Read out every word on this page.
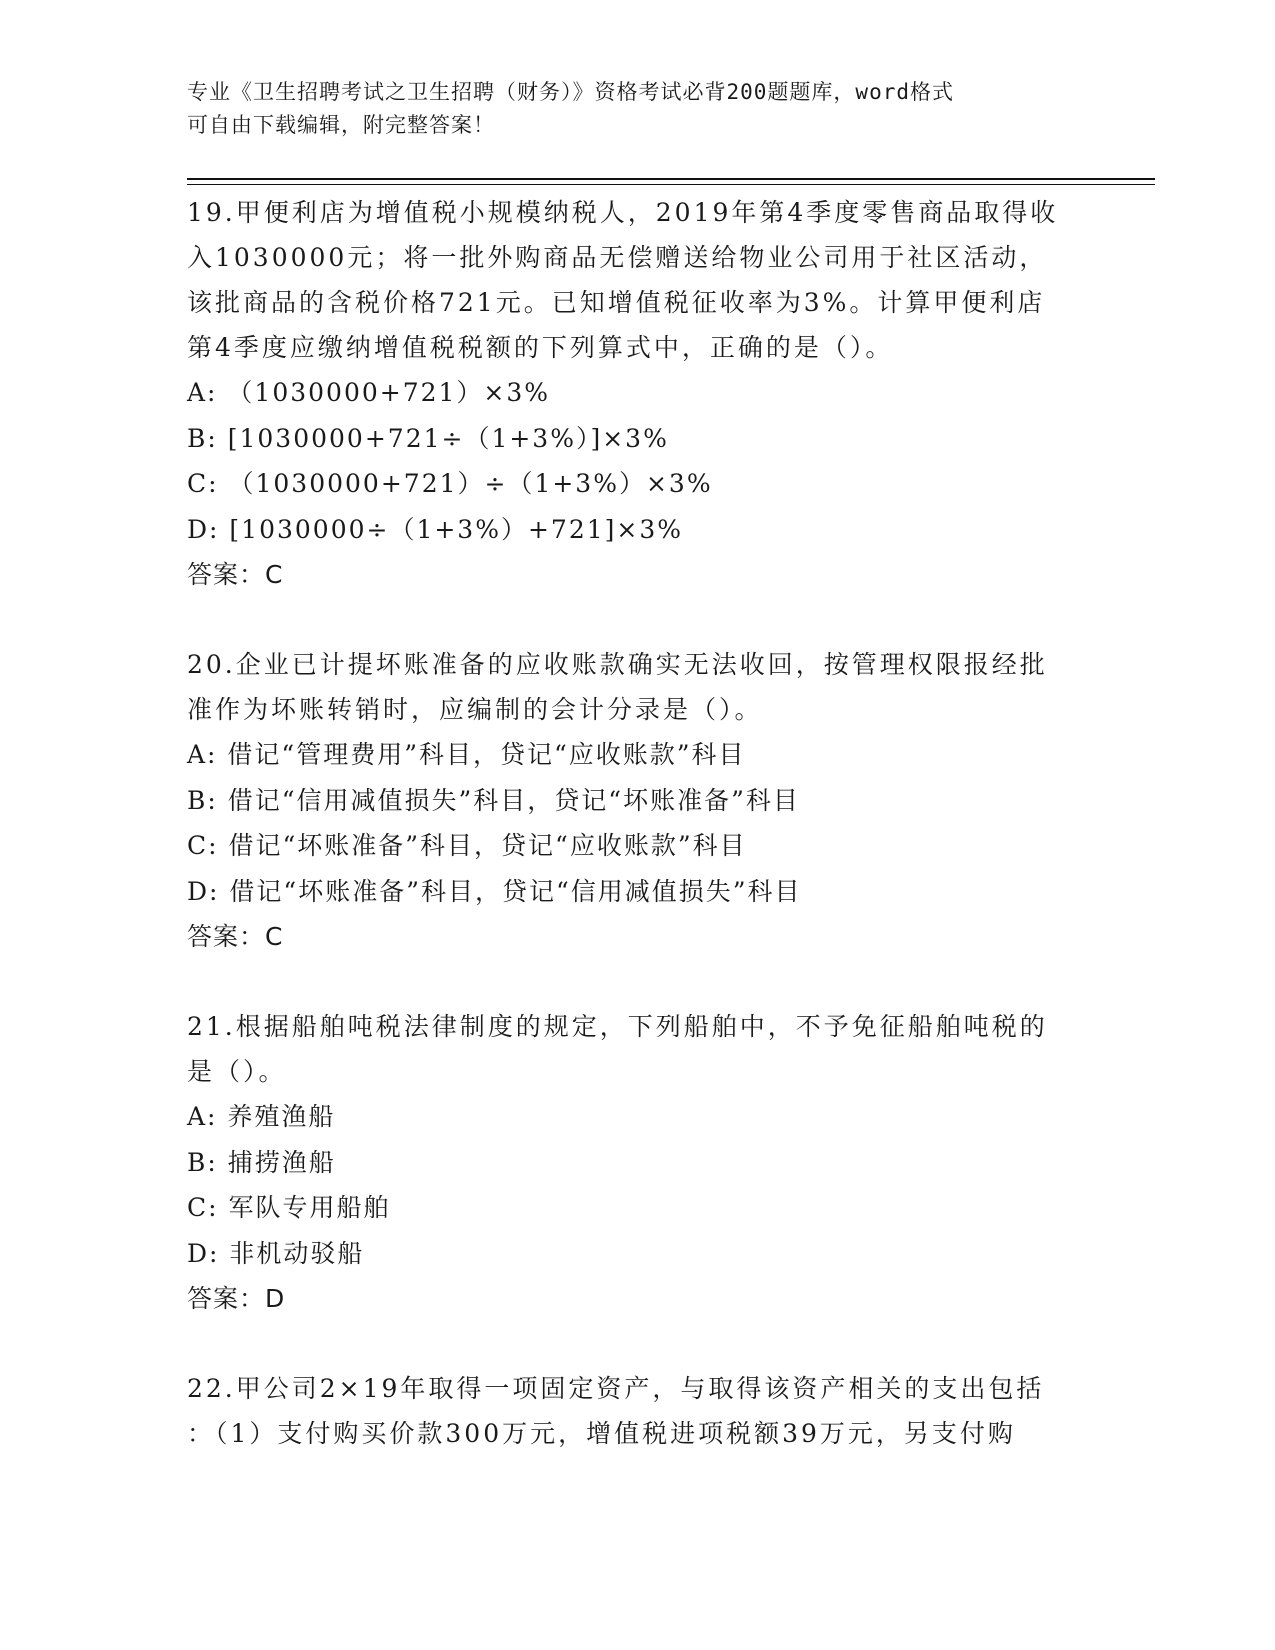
专业《卫生招聘考试之卫生招聘（财务）》资格考试必背200题题库，word格式
可自由下载编辑，附完整答案！
19.甲便利店为增值税小规模纳税人，2019年第4季度零售商品取得收
入1030000元；将一批外购商品无偿赠送给物业公司用于社区活动，
该批商品的含税价格721元。已知增值税征收率为3%。计算甲便利店
第4季度应缴纳增值税税额的下列算式中，正确的是（）。
A: （1030000+721）×3%
B: [1030000+721÷（1+3%）]×3%
C: （1030000+721）÷（1+3%）×3%
D: [1030000÷（1+3%）+721]×3%
答案：C
20.企业已计提坏账准备的应收账款确实无法收回，按管理权限报经批
准作为坏账转销时，应编制的会计分录是（）。
A: 借记“管理费用”科目，贷记“应收账款”科目
B: 借记“信用减值损失”科目，贷记“坏账准备”科目
C: 借记“坏账准备”科目，贷记“应收账款”科目
D: 借记“坏账准备”科目，贷记“信用减值损失”科目
答案：C
21.根据船舶吨税法律制度的规定，下列船舶中，不予免征船舶吨税的
是（）。
A: 养殖渔船
B: 捕捞渔船
C: 军队专用船舶
D: 非机动驳船
答案：D
22.甲公司2×19年取得一项固定资产，与取得该资产相关的支出包括
：（1）支付购买价款300万元，增值税进项税额39万元，另支付购
